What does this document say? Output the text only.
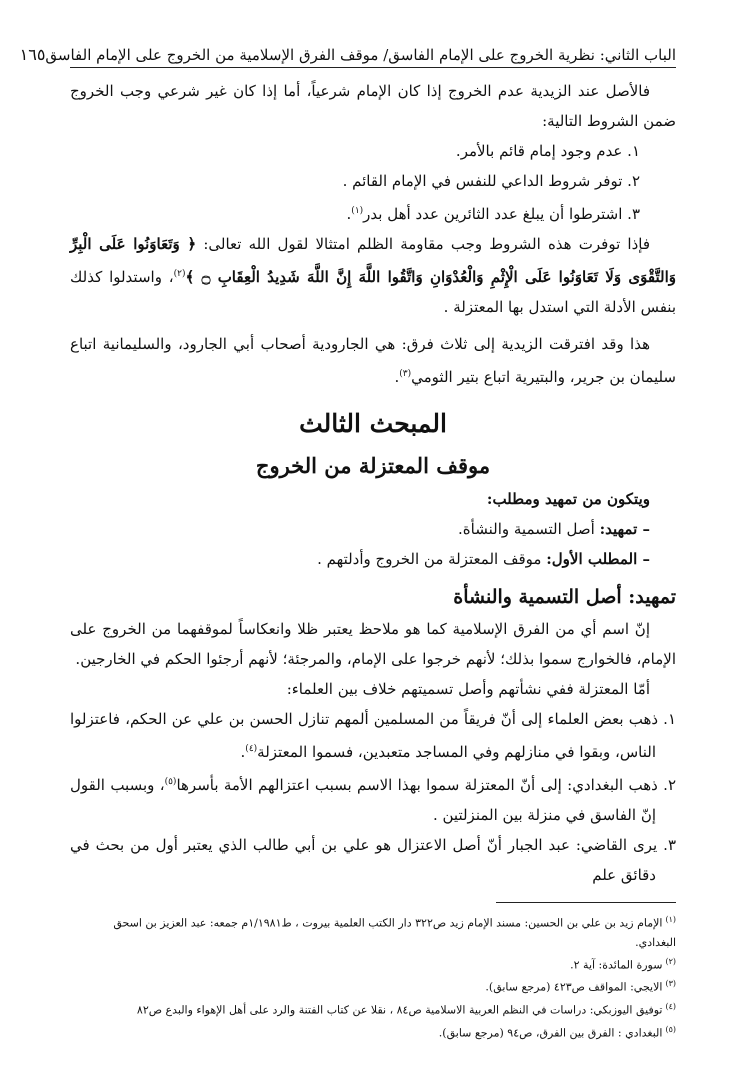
الباب الثاني: نظرية الخروج على الإمام الفاسق/ موقف الفرق الإسلامية من الخروج على الإمام الفاسق
١٦٥

فالأصل عند الزيدية عدم الخروج إذا كان الإمام شرعياً، أما إذا كان غير شرعي وجب الخروج ضمن الشروط التالية:

١. عدم وجود إمام قائم بالأمر.

٢. توفر شروط الداعي للنفس في الإمام القائم .

٣. اشترطوا أن يبلغ عدد الثائرين عدد أهل بدر$^{(١)}$.

فإذا توفرت هذه الشروط وجب مقاومة الظلم امتثالا لقول الله تعالى: ﴿ وَتَعَاوَنُوا عَلَى الْبِرِّ وَالتَّقْوَى وَلَا تَعَاوَنُوا عَلَى الْإِثْمِ وَالْعُدْوَانِ وَاتَّقُوا اللَّهَ إِنَّ اللَّهَ شَدِيدُ الْعِقَابِ ۝ ﴾$^{(٢)}$، واستدلوا كذلك بنفس الأدلة التي استدل بها المعتزلة .

هذا وقد افترقت الزيدية إلى ثلاث فرق: هي الجارودية أصحاب أبي الجارود، والسليمانية اتباع سليمان بن جرير، والبتيرية اتباع بتير الثومي$^{(٣)}$.

المبحث الثالث

موقف المعتزلة من الخروج

ويتكون من تمهيد ومطلب:

– تمهيد: أصل التسمية والنشأة.

– المطلب الأول: موقف المعتزلة من الخروج وأدلتهم .

تمهيد: أصل التسمية والنشأة

إنّ اسم أي من الفرق الإسلامية كما هو ملاحظ يعتبر ظلا وانعكاساً لموقفهما من الخروج على الإمام، فالخوارج سموا بذلك؛ لأنهم خرجوا على الإمام، والمرجئة؛ لأنهم أرجئوا الحكم في الخارجين.

أمّا المعتزلة ففي نشأتهم وأصل تسميتهم خلاف بين العلماء:

١. ذهب بعض العلماء إلى أنّ فريقاً من المسلمين ألمهم تنازل الحسن بن علي عن الحكم، فاعتزلوا الناس، وبقوا في منازلهم وفي المساجد متعبدين، فسموا المعتزلة$^{(٤)}$.

٢. ذهب البغدادي: إلى أنّ المعتزلة سموا بهذا الاسم بسبب اعتزالهم الأمة بأسرها$^{(٥)}$، وبسبب القول إنّ الفاسق في منزلة بين المنزلتين .

٣. يرى القاضي: عبد الجبار أنّ أصل الاعتزال هو علي بن أبي طالب الذي يعتبر أول من بحث في دقائق علم

$^{(١)}$الإمام زيد بن علي بن الحسين: مسند الإمام زيد ص٣٢٢ دار الكتب العلمية بيروت ، ط١/١٩٨١م جمعه: عبد العزيز بن اسحق البغدادي.

$^{(٢)}$سورة المائدة: آية ٢.

$^{(٣)}$الايجي: المواقف ص٤٢٣ (مرجع سابق).

$^{(٤)}$توفيق اليوزبكي: دراسات في النظم العربية الاسلامية ص٨٤ ، نقلا عن كتاب الفتنة والرد على أهل الإهواء والبدع ص٨٢

$^{(٥)}$البغدادي : الفرق بين الفرق، ص٩٤ (مرجع سابق).
